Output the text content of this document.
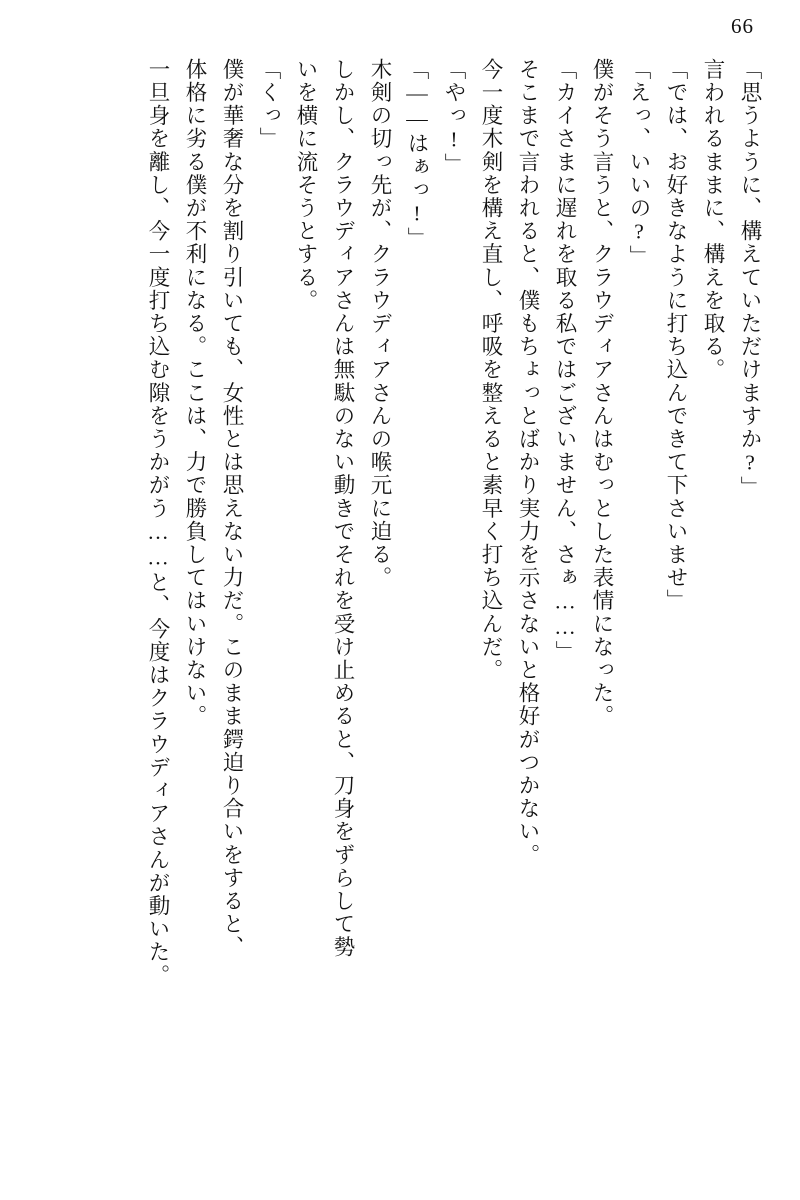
66
「思うように、構えていただけますか?」
言われるままに、構えを取る。
「では、お好きなように打ち込んできて下さいませ」
「えっ、いいの?」
僕がそう言うと、クラウディアさんはむっとした表情になった。
「カイさまに遅れを取る私ではございません、さぁ……」
そこまで言われると、僕もちょっとばかり実力を示さないと格好がつかない。
今一度木剣を構え直し、呼吸を整えると素早く打ち込んだ。
「やっ!」
「——はぁっ!」
木剣の切っ先が、クラウディアさんの喉元に迫る。
しかし、クラウディアさんは無駄のない動きでそれを受け止めると、刀身をずらして勢
いを横に流そうとする。
「くっ」
僕が華奢な分を割り引いても、女性とは思えない力だ。このまま鍔迫り合いをすると、
体格に劣る僕が不利になる。ここは、力で勝負してはいけない。
一旦身を離し、今一度打ち込む隙をうかがう……と、今度はクラウディアさんが動いた。
